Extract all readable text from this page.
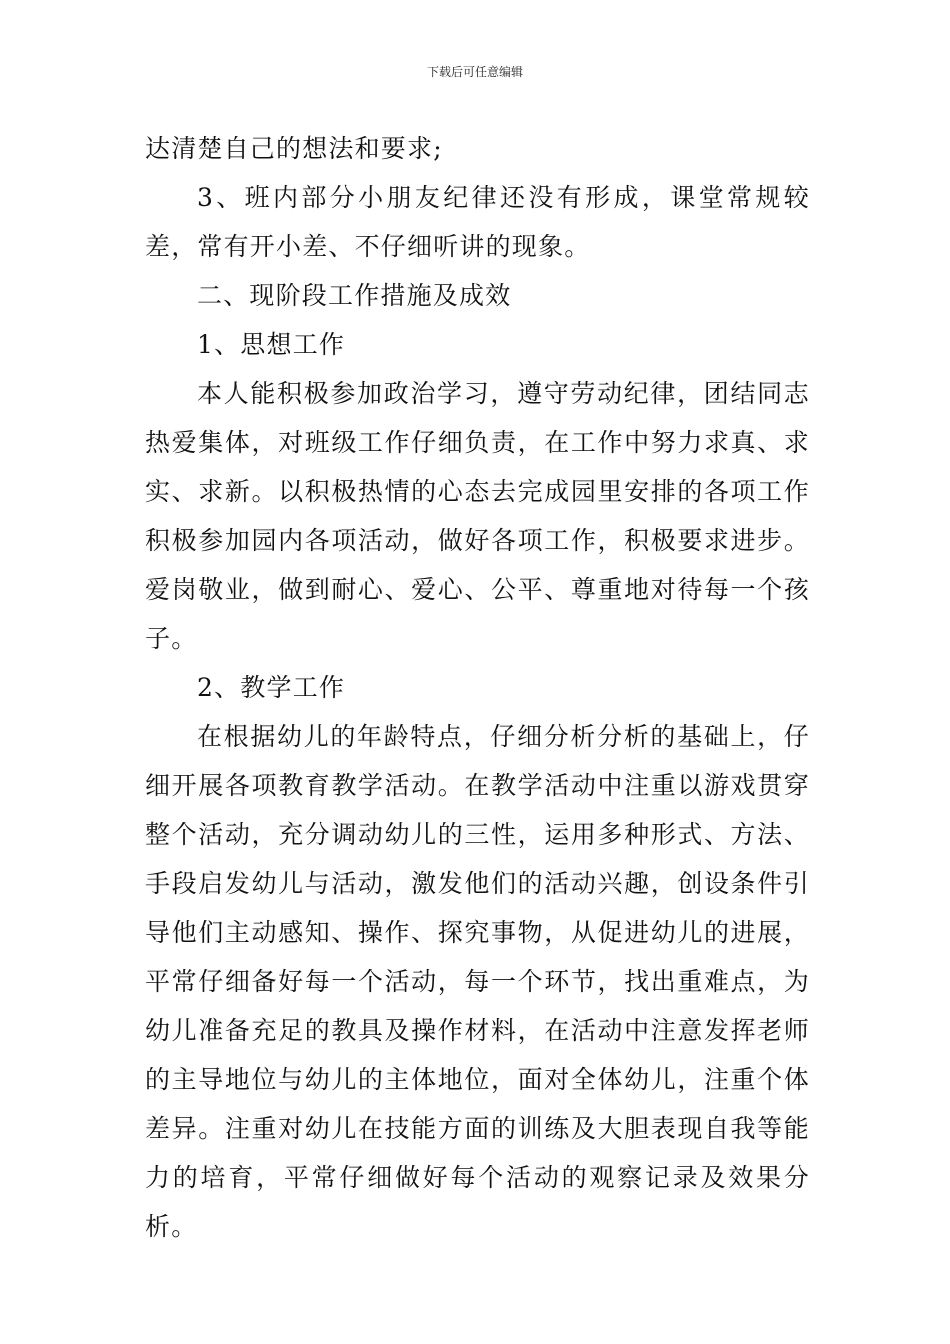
下载后可任意编辑

达清楚自己的想法和要求;

3、班内部分小朋友纪律还没有形成，课堂常规较差，常有开小差、不仔细听讲的现象。

二、现阶段工作措施及成效

1、思想工作

本人能积极参加政治学习，遵守劳动纪律，团结同志热爱集体，对班级工作仔细负责，在工作中努力求真、求实、求新。以积极热情的心态去完成园里安排的各项工作积极参加园内各项活动，做好各项工作，积极要求进步。爱岗敬业，做到耐心、爱心、公平、尊重地对待每一个孩子。

2、教学工作

在根据幼儿的年龄特点，仔细分析分析的基础上，仔细开展各项教育教学活动。在教学活动中注重以游戏贯穿整个活动，充分调动幼儿的三性，运用多种形式、方法、手段启发幼儿与活动，激发他们的活动兴趣，创设条件引导他们主动感知、操作、探究事物，从促进幼儿的进展，平常仔细备好每一个活动，每一个环节，找出重难点，为幼儿准备充足的教具及操作材料，在活动中注意发挥老师的主导地位与幼儿的主体地位，面对全体幼儿，注重个体差异。注重对幼儿在技能方面的训练及大胆表现自我等能力的培育，平常仔细做好每个活动的观察记录及效果分析。
